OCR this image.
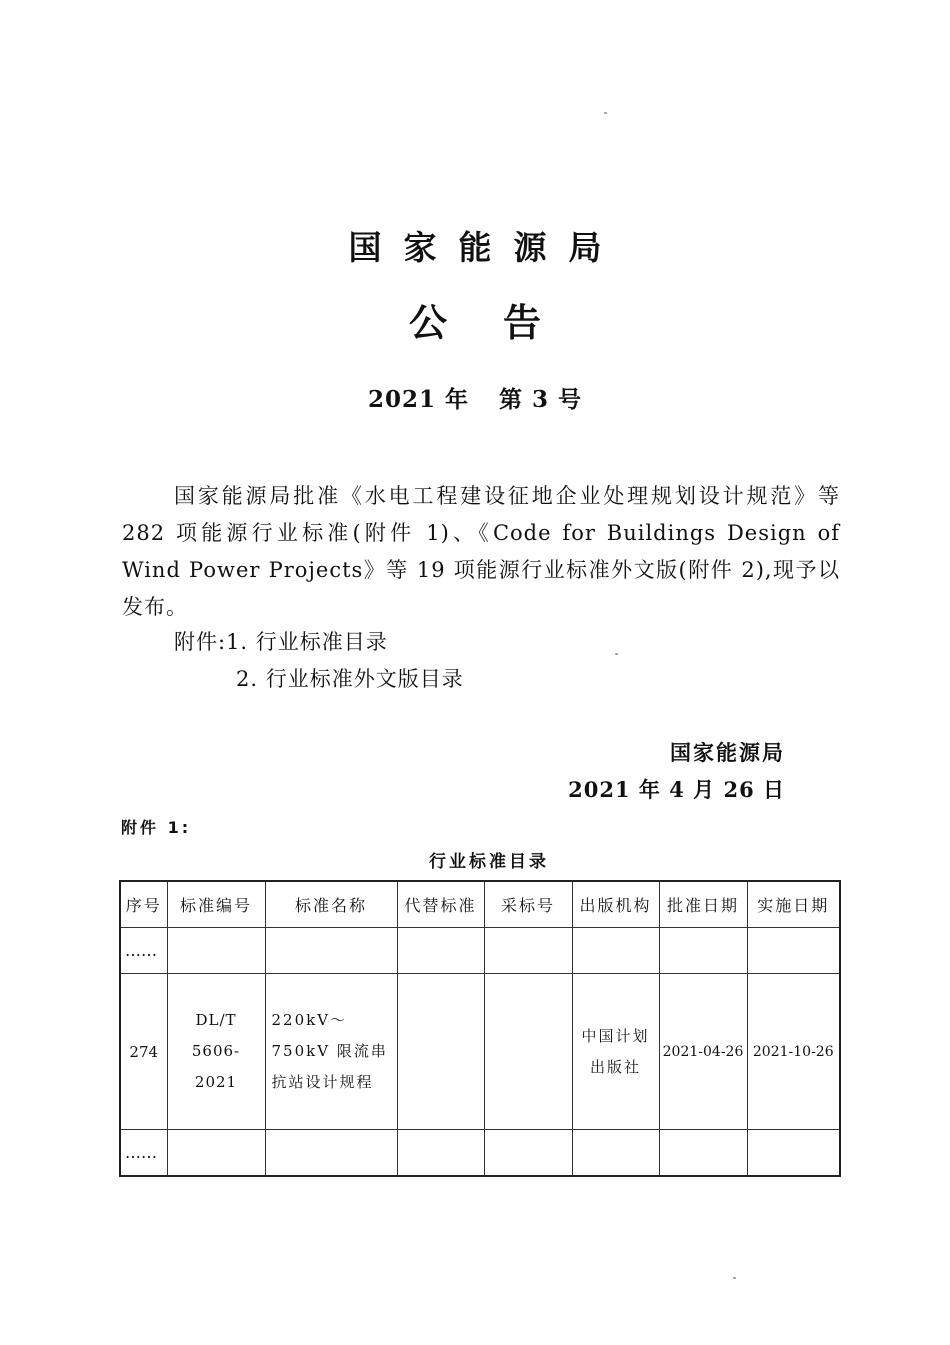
国家能源局
公告
2021 年 第 3 号
国家能源局批准《水电工程建设征地企业处理规划设计规范》等 282 项能源行业标准(附件 1)、《Code for Buildings Design of Wind Power Projects》等 19 项能源行业标准外文版(附件 2),现予以发布。
附件:1. 行业标准目录
2. 行业标准外文版目录
国家能源局
2021 年 4 月 26 日
附件 1:
行业标准目录
序号	标准编号	标准名称	代替标准	采标号	出版机构	批准日期	实施日期
……							
274	DL/T 5606-2021	220kV～750kV 限流串抗站设计规程			中国计划出版社	2021-04-26	2021-10-26
……							
